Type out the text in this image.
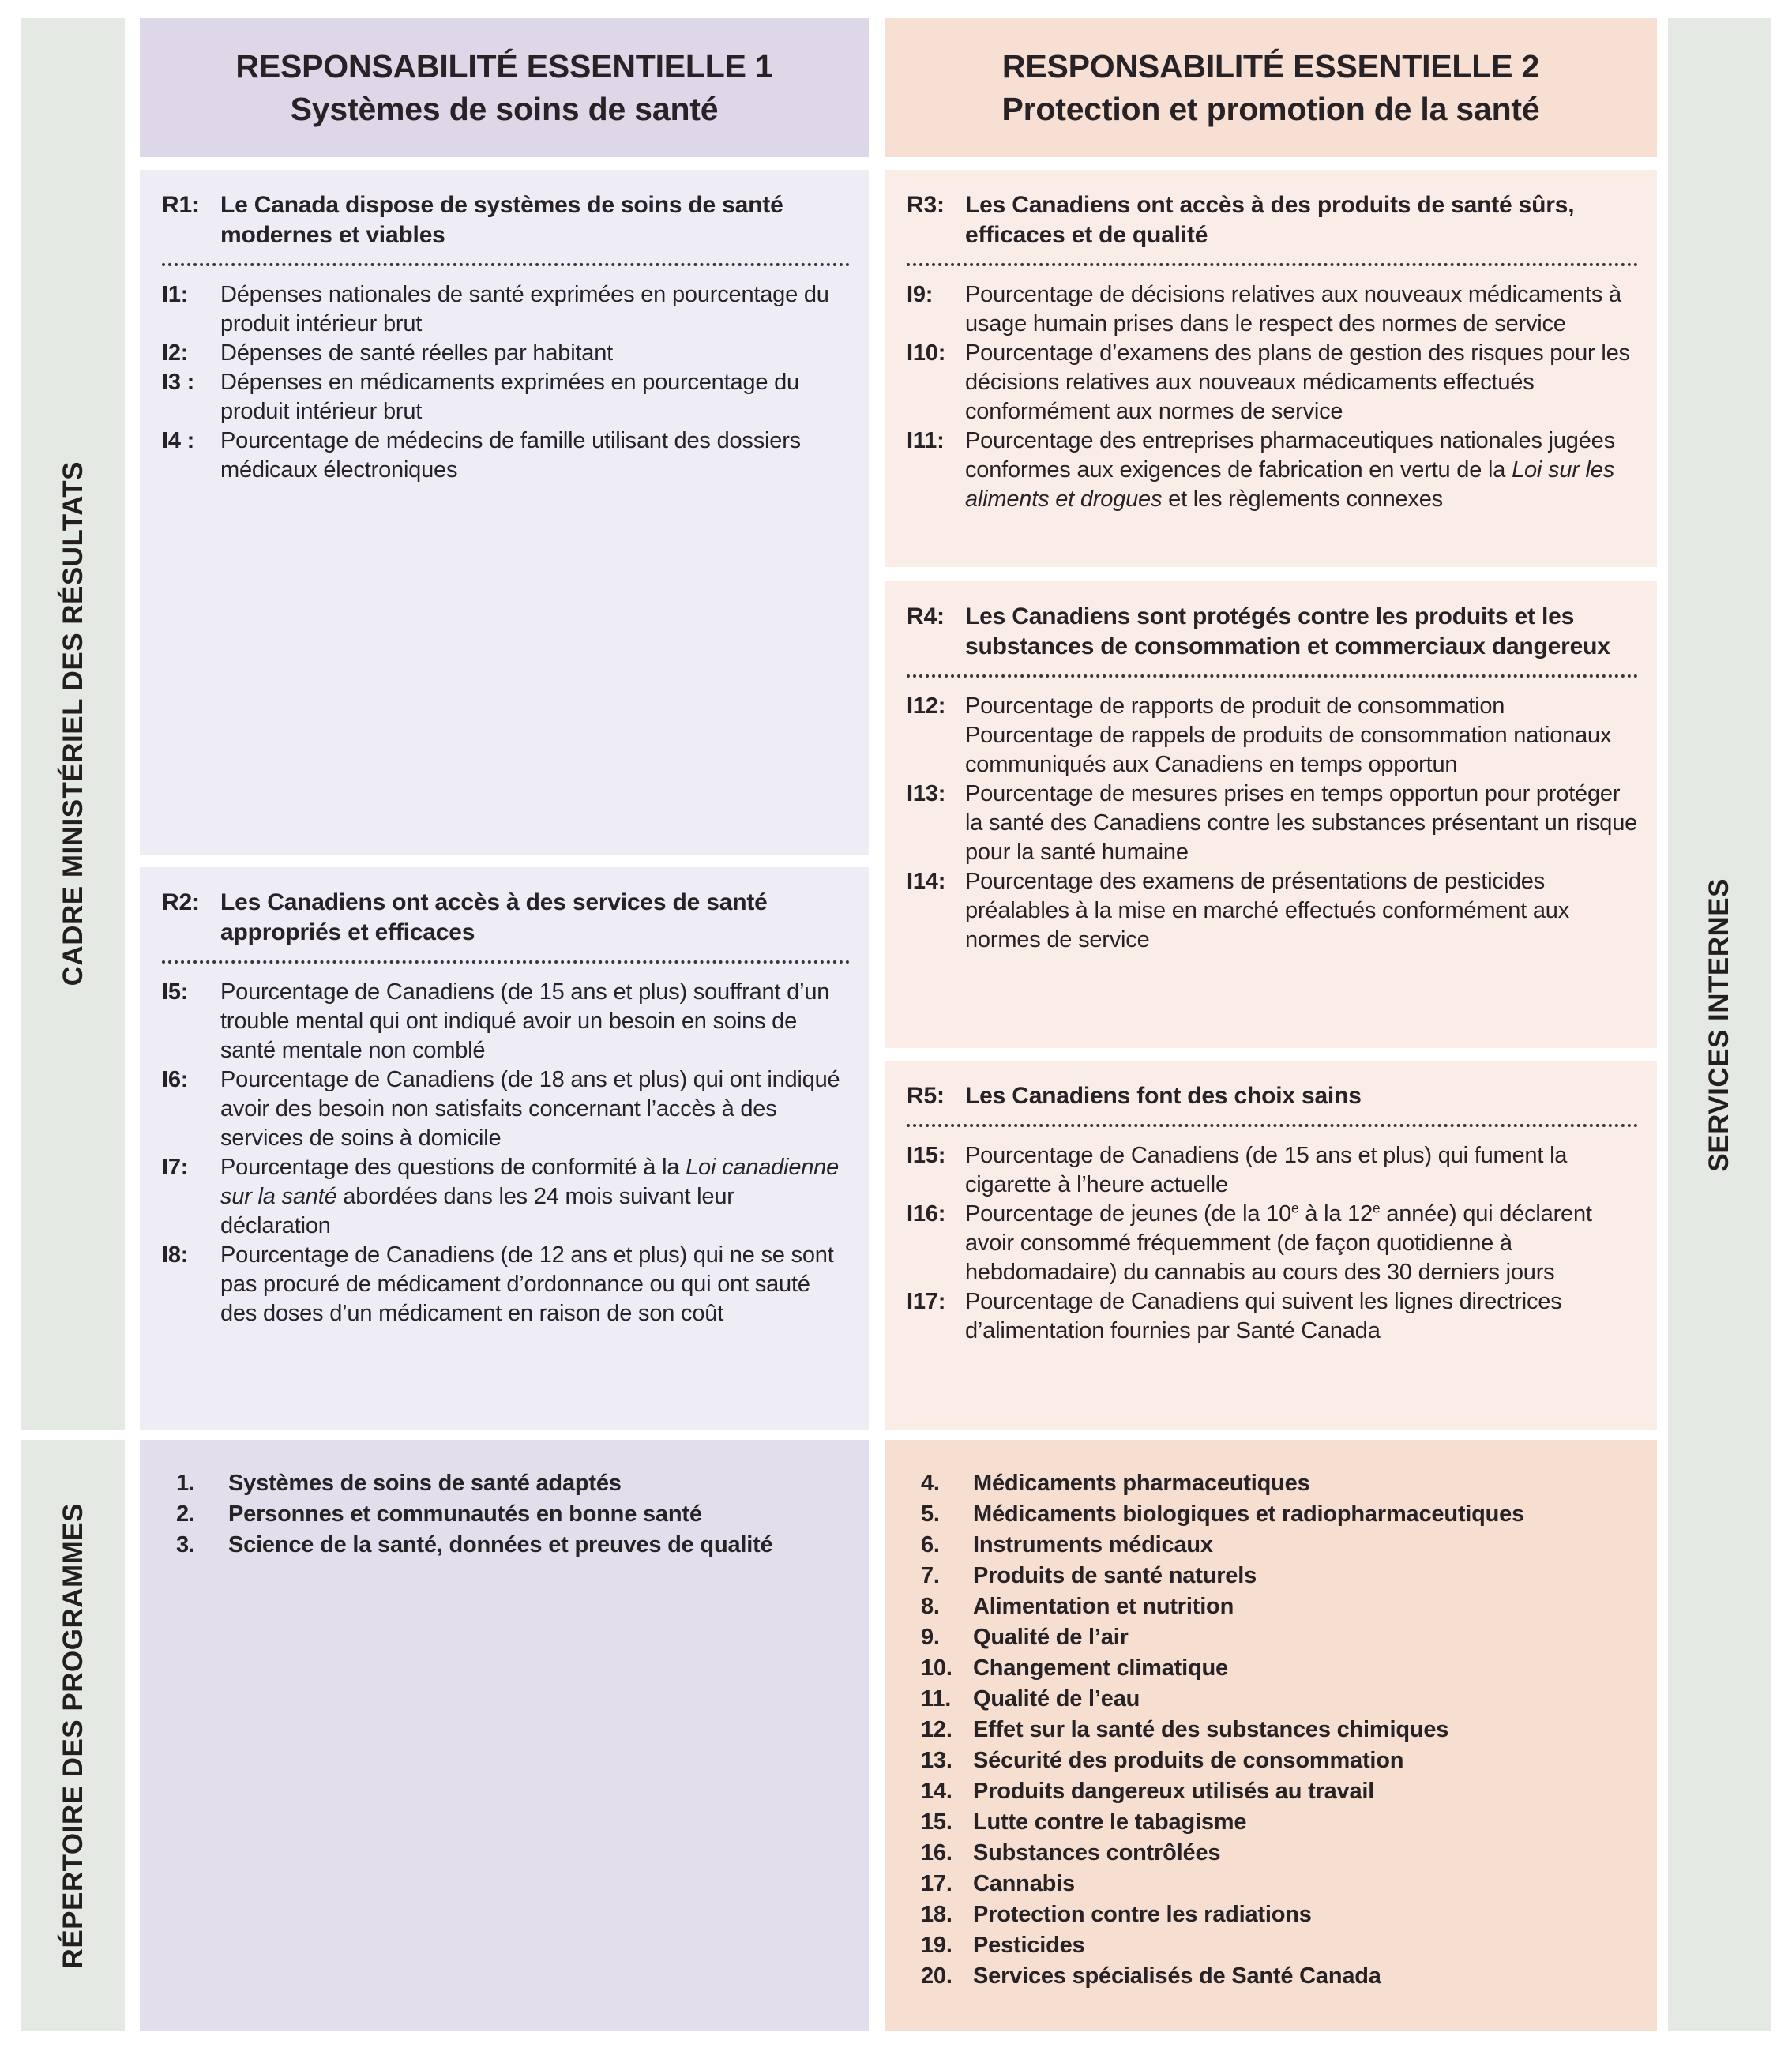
CADRE MINISTÉRIEL DES RÉSULTATS
RÉPERTOIRE DES PROGRAMMES
SERVICES INTERNES
RESPONSABILITÉ ESSENTIELLE 1
Systèmes de soins de santé
RESPONSABILITÉ ESSENTIELLE 2
Protection et promotion de la santé
R1: Le Canada dispose de systèmes de soins de santé modernes et viables
I1:	Dépenses nationales de santé exprimées en pourcentage du produit intérieur brut
I2:	Dépenses de santé réelles par habitant
I3 :	Dépenses en médicaments exprimées en pourcentage du produit intérieur brut
I4 :	Pourcentage de médecins de famille utilisant des dossiers médicaux électroniques
R2: Les Canadiens ont accès à des services de santé appropriés et efficaces
I5:	Pourcentage de Canadiens (de 15 ans et plus) souffrant d’un trouble mental qui ont indiqué avoir un besoin en soins de santé mentale non comblé
I6:	Pourcentage de Canadiens (de 18 ans et plus) qui ont indiqué avoir des besoin non satisfaits concernant l’accès à des services de soins à domicile
I7:	Pourcentage des questions de conformité à la Loi canadienne sur la santé abordées dans les 24 mois suivant leur déclaration
I8:	Pourcentage de Canadiens (de 12 ans et plus) qui ne se sont pas procuré de médicament d’ordonnance ou qui ont sauté des doses d’un médicament en raison de son coût
R3: Les Canadiens ont accès à des produits de santé sûrs, efficaces et de qualité
I9:	Pourcentage de décisions relatives aux nouveaux médicaments à usage humain prises dans le respect des normes de service
I10: Pourcentage d’examens des plans de gestion des risques pour les décisions relatives aux nouveaux médicaments effectués conformément aux normes de service
I11: Pourcentage des entreprises pharmaceutiques nationales jugées conformes aux exigences de fabrication en vertu de la Loi sur les aliments et drogues et les règlements connexes
R4: Les Canadiens sont protégés contre les produits et les substances de consommation et commerciaux dangereux
I12: Pourcentage de rapports de produit de consommation
Pourcentage de rappels de produits de consommation nationaux communiqués aux Canadiens en temps opportun
I13: Pourcentage de mesures prises en temps opportun pour protéger la santé des Canadiens contre les substances présentant un risque pour la santé humaine
I14: Pourcentage des examens de présentations de pesticides préalables à la mise en marché effectués conformément aux normes de service
R5: Les Canadiens font des choix sains
I15: Pourcentage de Canadiens (de 15 ans et plus) qui fument la cigarette à l’heure actuelle
I16: Pourcentage de jeunes (de la 10e à la 12e année) qui déclarent avoir consommé fréquemment (de façon quotidienne à hebdomadaire) du cannabis au cours des 30 derniers jours
I17: Pourcentage de Canadiens qui suivent les lignes directrices d’alimentation fournies par Santé Canada
1.	Systèmes de soins de santé adaptés
2.	Personnes et communautés en bonne santé
3.	Science de la santé, données et preuves de qualité
4.	Médicaments pharmaceutiques
5.	Médicaments biologiques et radiopharmaceutiques
6.	Instruments médicaux
7.	Produits de santé naturels
8.	Alimentation et nutrition
9.	Qualité de l’air
10. Changement climatique
11. Qualité de l’eau
12. Effet sur la santé des substances chimiques
13. Sécurité des produits de consommation
14. Produits dangereux utilisés au travail
15. Lutte contre le tabagisme
16. Substances contrôlées
17. Cannabis
18. Protection contre les radiations
19. Pesticides
20. Services spécialisés de Santé Canada
